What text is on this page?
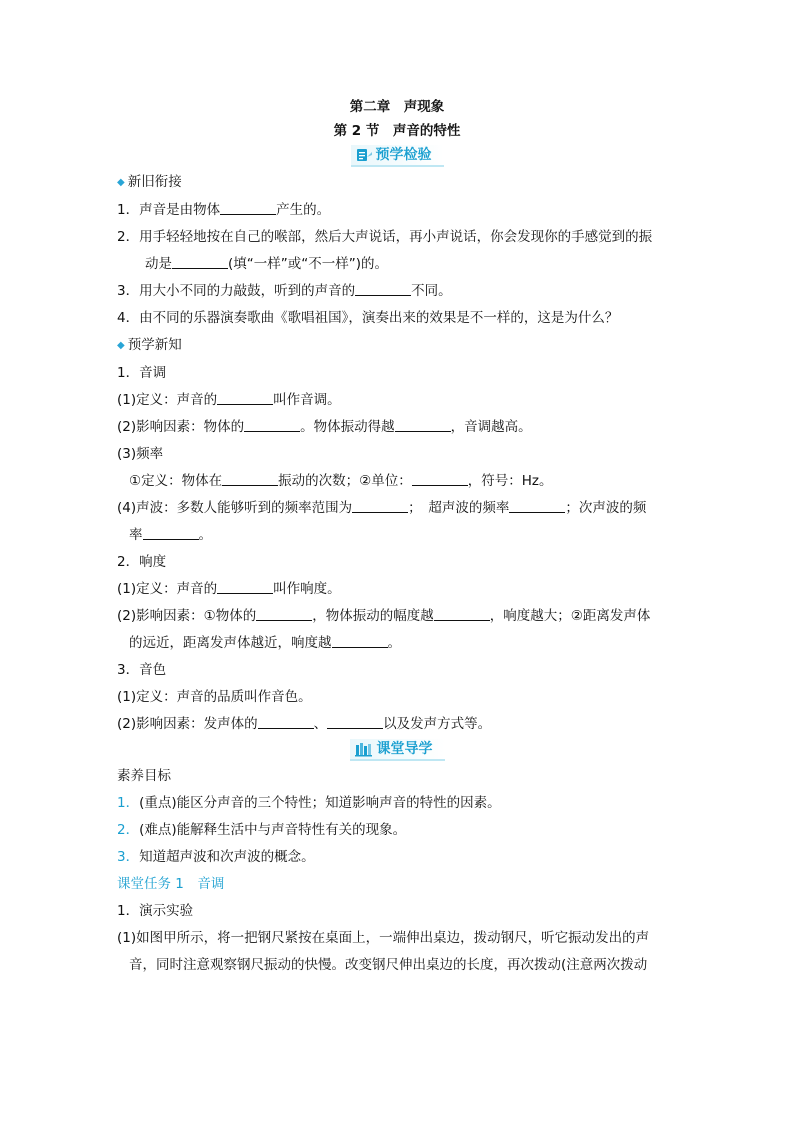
第二章　声现象
第 2 节　声音的特性
预学检验
◆ 新旧衔接
1．声音是由物体	产生的。
2．用手轻轻地按在自己的喉部，然后大声说话，再小声说话，你会发现你的手感觉到的振
动是	(填“一样”或“不一样”)的。
3．用大小不同的力敲鼓，听到的声音的	不同。
4．由不同的乐器演奏歌曲《歌唱祖国》，演奏出来的效果是不一样的，这是为什么？
◆ 预学新知
1．音调
(1)定义：声音的	叫作音调。
(2)影响因素：物体的	。物体振动得越	，音调越高。
(3)频率
①定义：物体在	振动的次数；②单位：	，符号：Hz。
(4)声波：多数人能够听到的频率范围为	；　超声波的频率	；次声波的频
率	。
2．响度
(1)定义：声音的	叫作响度。
(2)影响因素：①物体的	，物体振动的幅度越	，响度越大；②距离发声体
的远近，距离发声体越近，响度越	。
3．音色
(1)定义：声音的品质叫作音色。
(2)影响因素：发声体的	、	以及发声方式等。
课堂导学
素养目标
1．(重点)能区分声音的三个特性；知道影响声音的特性的因素。
2．(难点)能解释生活中与声音特性有关的现象。
3．知道超声波和次声波的概念。
课堂任务 1　音调
1．演示实验
(1)如图甲所示，将一把钢尺紧按在桌面上，一端伸出桌边，拨动钢尺，听它振动发出的声
音，同时注意观察钢尺振动的快慢。改变钢尺伸出桌边的长度，再次拨动(注意两次拨动
